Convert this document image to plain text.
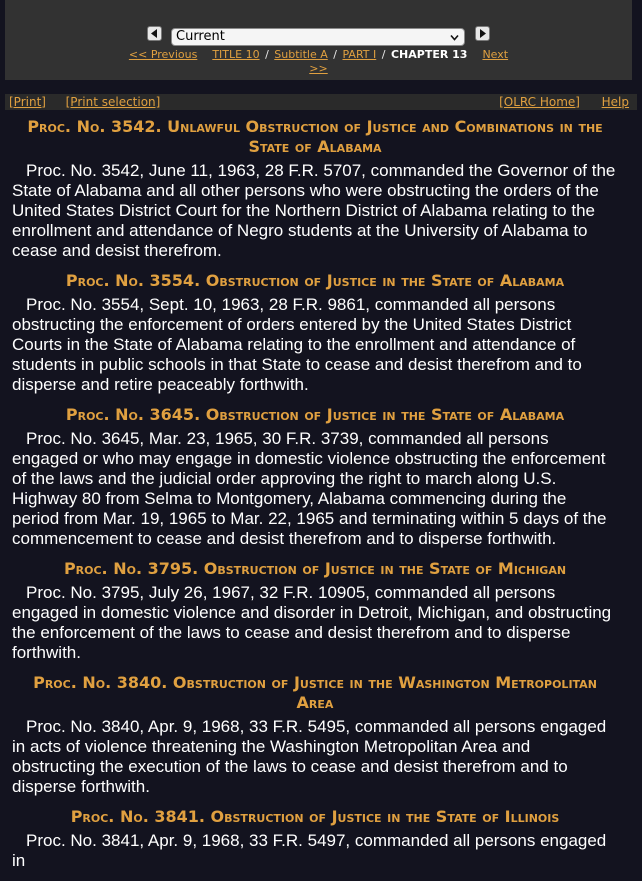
Current
<< Previous TITLE 10 / Subtitle A / PART I / CHAPTER 13 Next
>>
[Print] [Print selection]	[OLRC Home] Help
Proc. No. 3542. Unlawful Obstruction of Justice and Combinations in the State of Alabama

Proc. No. 3542, June 11, 1963, 28 F.R. 5707, commanded the Governor of the State of Alabama and all other persons who were obstructing the orders of the United States District Court for the Northern District of Alabama relating to the enrollment and attendance of Negro students at the University of Alabama to cease and desist therefrom.

Proc. No. 3554. Obstruction of Justice in the State of Alabama

Proc. No. 3554, Sept. 10, 1963, 28 F.R. 9861, commanded all persons obstructing the enforcement of orders entered by the United States District Courts in the State of Alabama relating to the enrollment and attendance of students in public schools in that State to cease and desist therefrom and to disperse and retire peaceably forthwith.

Proc. No. 3645. Obstruction of Justice in the State of Alabama

Proc. No. 3645, Mar. 23, 1965, 30 F.R. 3739, commanded all persons engaged or who may engage in domestic violence obstructing the enforcement of the laws and the judicial order approving the right to march along U.S. Highway 80 from Selma to Montgomery, Alabama commencing during the period from Mar. 19, 1965 to Mar. 22, 1965 and terminating within 5 days of the commencement to cease and desist therefrom and to disperse forthwith.

Proc. No. 3795. Obstruction of Justice in the State of Michigan

Proc. No. 3795, July 26, 1967, 32 F.R. 10905, commanded all persons engaged in domestic violence and disorder in Detroit, Michigan, and obstructing the enforcement of the laws to cease and desist therefrom and to disperse forthwith.

Proc. No. 3840. Obstruction of Justice in the Washington Metropolitan Area

Proc. No. 3840, Apr. 9, 1968, 33 F.R. 5495, commanded all persons engaged in acts of violence threatening the Washington Metropolitan Area and obstructing the execution of the laws to cease and desist therefrom and to disperse forthwith.

Proc. No. 3841. Obstruction of Justice in the State of Illinois

Proc. No. 3841, Apr. 9, 1968, 33 F.R. 5497, commanded all persons engaged in
